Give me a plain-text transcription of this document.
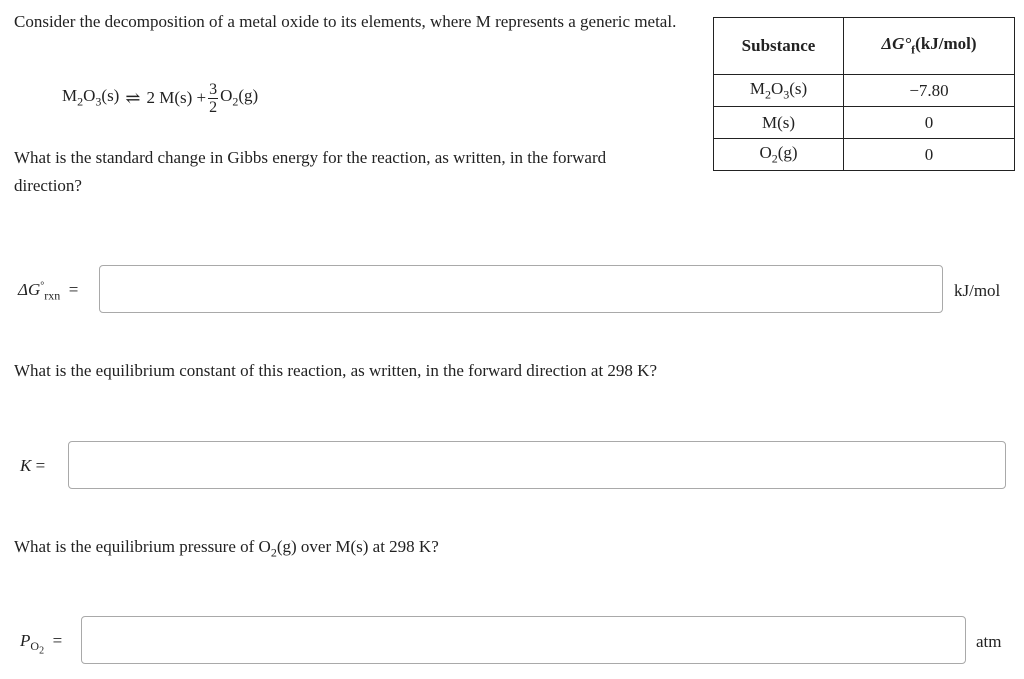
Consider the decomposition of a metal oxide to its elements, where M represents a generic metal.
$M_2O_3(s)$ ⇌ 2 $M(s) + \frac{3}{2} O_2(g)$
Substance	$\Delta G^\circ_f(kJ/mol)$
$M_2O_3(s)$	−7.80
M(s)	0
$O_2(g)$	0
What is the standard change in Gibbs energy for the reaction, as written, in the forward direction?
$\Delta G^\circ_{rxn}$ =	kJ/mol
What is the equilibrium constant of this reaction, as written, in the forward direction at 298 K?
K =
What is the equilibrium pressure of $O_2(g)$ over M(s) at 298 K?
$P_{O_2}$  =	atm
